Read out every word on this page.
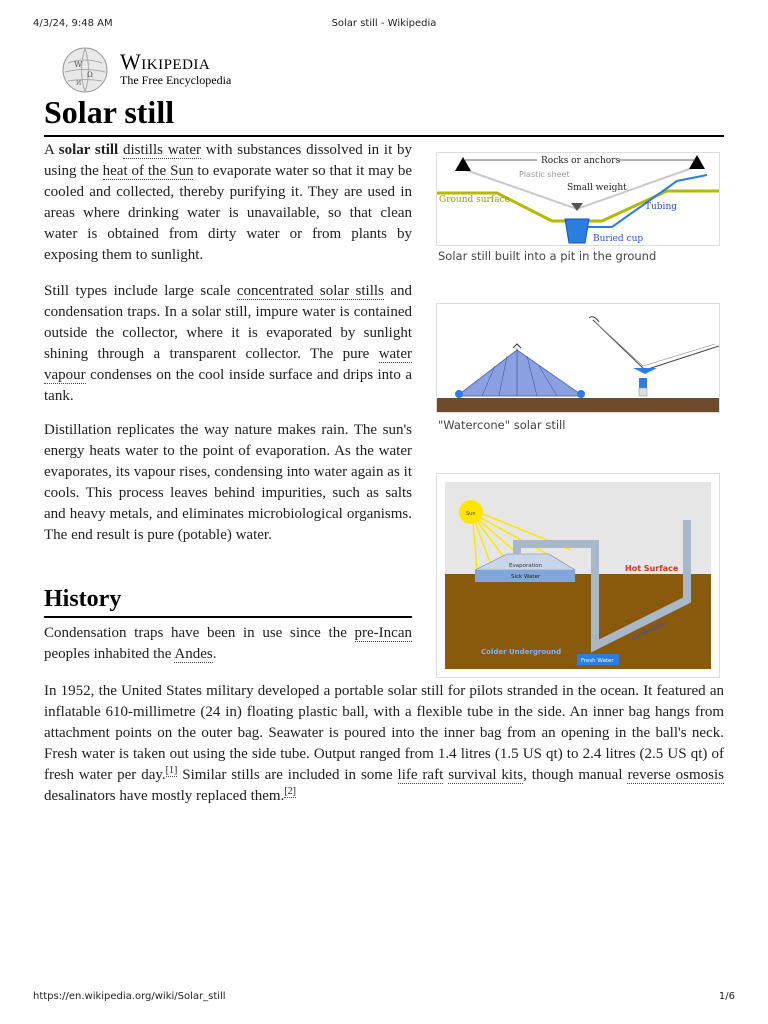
4/3/24, 9:48 AM	Solar still - Wikipedia
W
Ω
И
Wikipedia
The Free Encyclopedia
Solar still

A solar still distills water with substances dissolved in it by using the heat of the Sun to evaporate water so that it may be cooled and collected, thereby purifying it. They are used in areas where drinking water is unavailable, so that clean water is obtained from dirty water or from plants by exposing them to sunlight.

Still types include large scale concentrated solar stills and condensation traps. In a solar still, impure water is contained outside the collector, where it is evaporated by sunlight shining through a transparent collector. The pure water vapour condenses on the cool inside surface and drips into a tank.

Distillation replicates the way nature makes rain. The sun's energy heats water to the point of evaporation. As the water evaporates, its vapour rises, condensing into water again as it cools. This process leaves behind impurities, such as salts and heavy metals, and eliminates microbiological organisms. The end result is pure (potable) water.

History

Condensation traps have been in use since the pre-Incan peoples inhabited the Andes.

In 1952, the United States military developed a portable solar still for pilots stranded in the ocean. It featured an inflatable 610-millimetre (24 in) floating plastic ball, with a flexible tube in the side. An inner bag hangs from attachment points on the outer bag. Seawater is poured into the inner bag from an opening in the ball's neck. Fresh water is taken out using the side tube. Output ranged from 1.4 litres (1.5 US qt) to 2.4 litres (2.5 US qt) of fresh water per day.[1] Similar stills are included in some life raft survival kits, though manual reverse osmosis desalinators have mostly replaced them.[2]

Rocks or anchors
Plastic sheet
Small weight
Ground surface
Tubing
Buried cup
Solar still built into a pit in the ground
"Watercone" solar still
Sun
Evaporation
Sick Water
Fresh Water
Hot Surface
Colder Underground
Condensation
https://en.wikipedia.org/wiki/Solar_still	1/6
